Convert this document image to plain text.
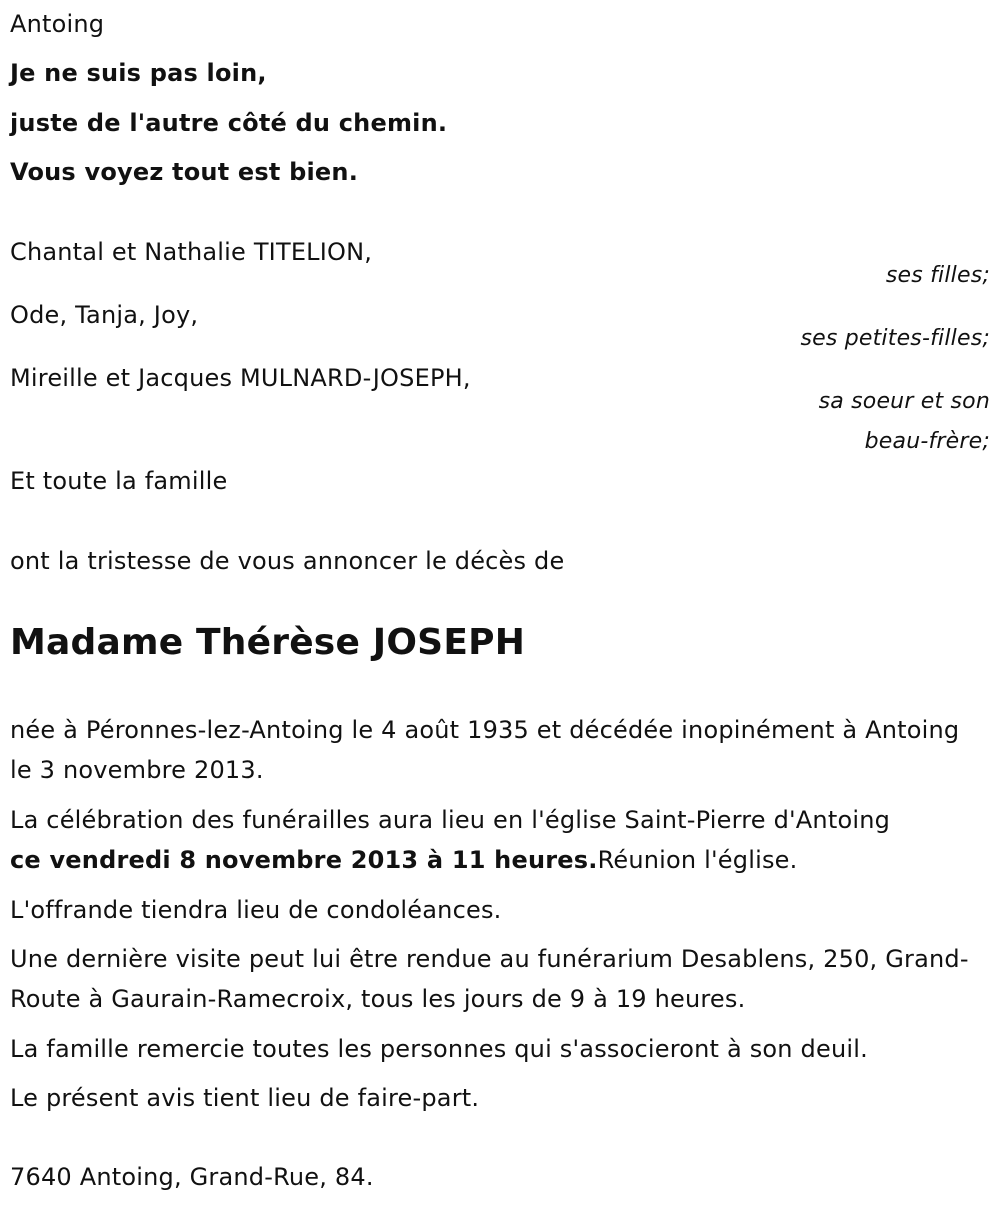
Antoing
Je ne suis pas loin,
juste de l'autre côté du chemin.
Vous voyez tout est bien.
Chantal et Nathalie TITELION,
ses filles;
Ode, Tanja, Joy,
ses petites-filles;
Mireille et Jacques MULNARD-JOSEPH,
sa soeur et son
beau-frère;
Et toute la famille
ont la tristesse de vous annoncer le décès de
Madame Thérèse JOSEPH
née à Péronnes-lez-Antoing le 4 août 1935 et décédée inopinément à Antoing le 3 novembre 2013.
La célébration des funérailles aura lieu en l'église Saint-Pierre d'Antoing
ce vendredi 8 novembre 2013 à 11 heures.Réunion l'église.
L'offrande tiendra lieu de condoléances.
Une dernière visite peut lui être rendue au funérarium Desablens, 250, Grand-Route à Gaurain-Ramecroix, tous les jours de 9 à 19 heures.
La famille remercie toutes les personnes qui s'associeront à son deuil.
Le présent avis tient lieu de faire-part.
7640 Antoing, Grand-Rue, 84.
